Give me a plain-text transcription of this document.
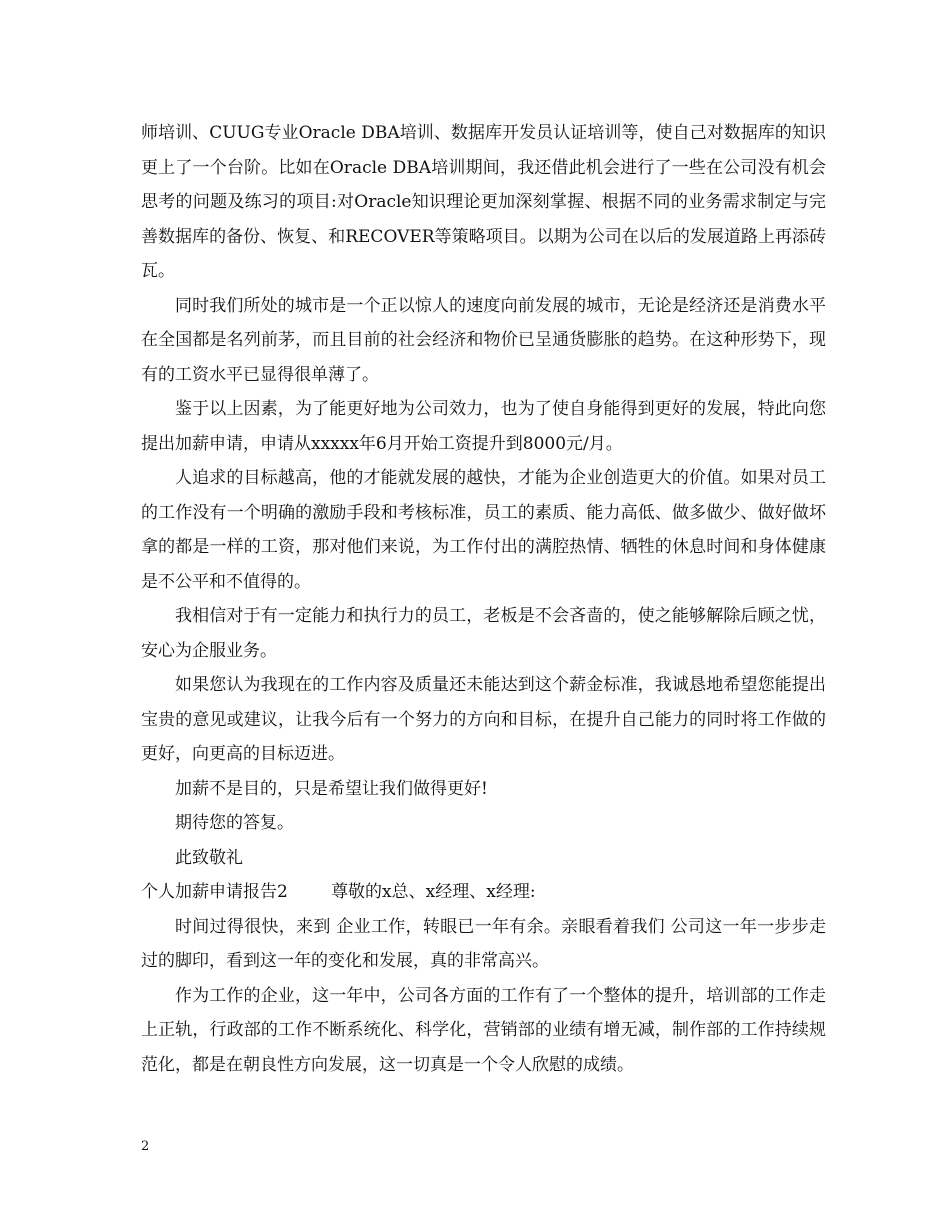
师培训、CUUG专业Oracle DBA培训、数据库开发员认证培训等，使自己对数据库的知识更上了一个台阶。比如在Oracle DBA培训期间，我还借此机会进行了一些在公司没有机会思考的问题及练习的项目:对Oracle知识理论更加深刻掌握、根据不同的业务需求制定与完善数据库的备份、恢复、和RECOVER等策略项目。以期为公司在以后的发展道路上再添砖瓦。

同时我们所处的城市是一个正以惊人的速度向前发展的城市，无论是经济还是消费水平在全国都是名列前茅，而且目前的社会经济和物价已呈通货膨胀的趋势。在这种形势下，现有的工资水平已显得很单薄了。

鉴于以上因素，为了能更好地为公司效力，也为了使自身能得到更好的发展，特此向您提出加薪申请，申请从xxxxx年6月开始工资提升到8000元/月。

人追求的目标越高，他的才能就发展的越快，才能为企业创造更大的价值。如果对员工的工作没有一个明确的激励手段和考核标准，员工的素质、能力高低、做多做少、做好做坏拿的都是一样的工资，那对他们来说，为工作付出的满腔热情、牺牲的休息时间和身体健康是不公平和不值得的。

我相信对于有一定能力和执行力的员工，老板是不会吝啬的，使之能够解除后顾之忧，安心为企服业务。

如果您认为我现在的工作内容及质量还未能达到这个薪金标准，我诚恳地希望您能提出宝贵的意见或建议，让我今后有一个努力的方向和目标，在提升自己能力的同时将工作做的更好，向更高的目标迈进。

加薪不是目的，只是希望让我们做得更好!

期待您的答复。

此致敬礼

个人加薪申请报告2	尊敬的x总、x经理、x经理:

时间过得很快，来到 企业工作，转眼已一年有余。亲眼看着我们 公司这一年一步步走过的脚印，看到这一年的变化和发展，真的非常高兴。

作为工作的企业，这一年中，公司各方面的工作有了一个整体的提升，培训部的工作走上正轨，行政部的工作不断系统化、科学化，营销部的业绩有增无减，制作部的工作持续规范化，都是在朝良性方向发展，这一切真是一个令人欣慰的成绩。

2
